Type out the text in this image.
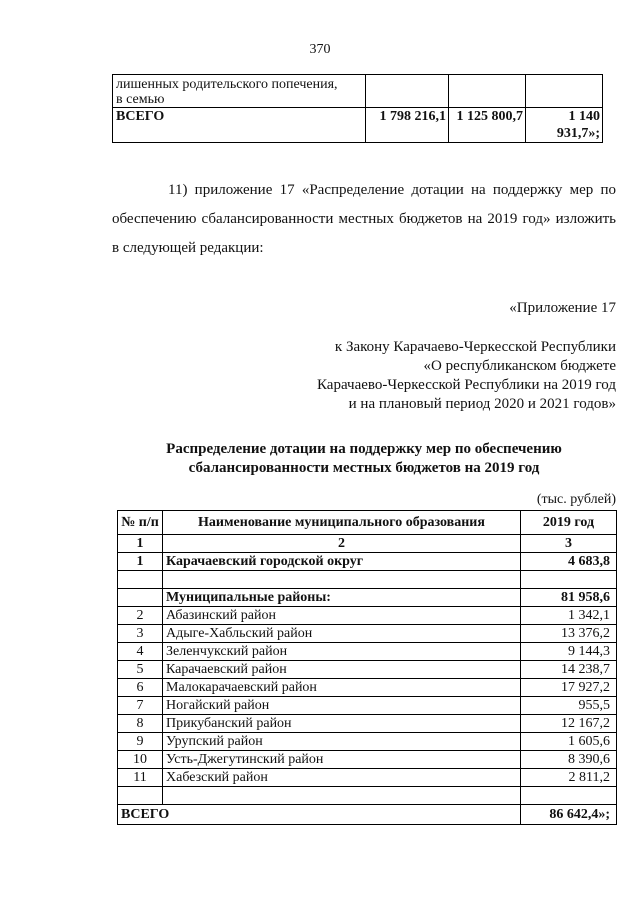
370
лишенных родительского попечения,
в семью			

ВСЕГО	1 798 216,1	1 125 800,7	1 140 931,7»;
11) приложение 17 «Распределение дотации на поддержку мер по
обеспечению сбалансированности местных бюджетов на 2019 год» изложить
в следующей редакции:
«Приложение 17
к Закону Карачаево-Черкесской Республики
«О республиканском бюджете
Карачаево-Черкесской Республики на 2019 год
и на плановый период 2020 и 2021 годов»
Распределение дотации на поддержку мер по обеспечению
сбалансированности местных бюджетов на 2019 год
(тыс. рублей)
№ п/п	Наименование муниципального образования	2019 год
1	2	3
1	Карачаевский городской округ	4 683,8

	Муниципальные районы:	81 958,6
2	Абазинский район	1 342,1
3	Адыге-Хабльский район	13 376,2
4	Зеленчукский район	9 144,3
5	Карачаевский район	14 238,7
6	Малокарачаевский район	17 927,2
7	Ногайский район	955,5
8	Прикубанский район	12 167,2
9	Урупский район	1 605,6
10	Усть-Джегутинский район	8 390,6
11	Хабезский район	2 811,2

ВСЕГО		86 642,4»;
